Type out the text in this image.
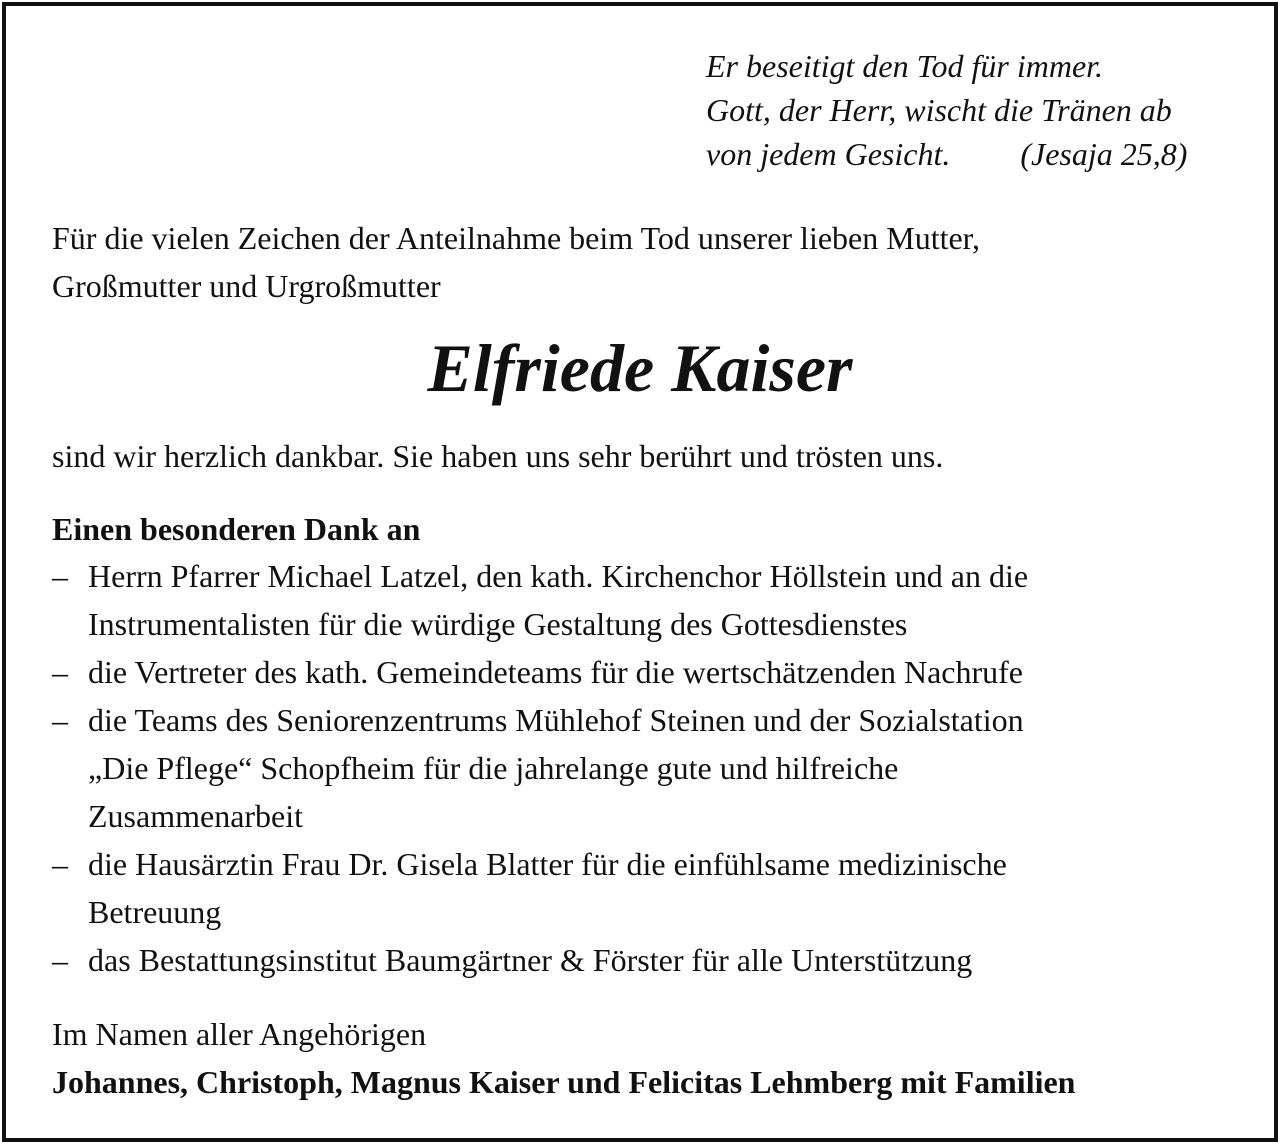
Er beseitigt den Tod für immer.
Gott, der Herr, wischt die Tränen ab
von jedem Gesicht. (Jesaja 25,8)
Für die vielen Zeichen der Anteilnahme beim Tod unserer lieben Mutter,
Großmutter und Urgroßmutter
Elfriede Kaiser
sind wir herzlich dankbar. Sie haben uns sehr berührt und trösten uns.
Einen besonderen Dank an
– Herrn Pfarrer Michael Latzel, den kath. Kirchenchor Höllstein und an die
Instrumentalisten für die würdige Gestaltung des Gottesdienstes
– die Vertreter des kath. Gemeindeteams für die wertschätzenden Nachrufe
– die Teams des Seniorenzentrums Mühlehof Steinen und der Sozialstation
„Die Pflege“ Schopfheim für die jahrelange gute und hilfreiche
Zusammenarbeit
– die Hausärztin Frau Dr. Gisela Blatter für die einfühlsame medizinische
Betreuung
– das Bestattungsinstitut Baumgärtner & Förster für alle Unterstützung
Im Namen aller Angehörigen
Johannes, Christoph, Magnus Kaiser und Felicitas Lehmberg mit Familien
